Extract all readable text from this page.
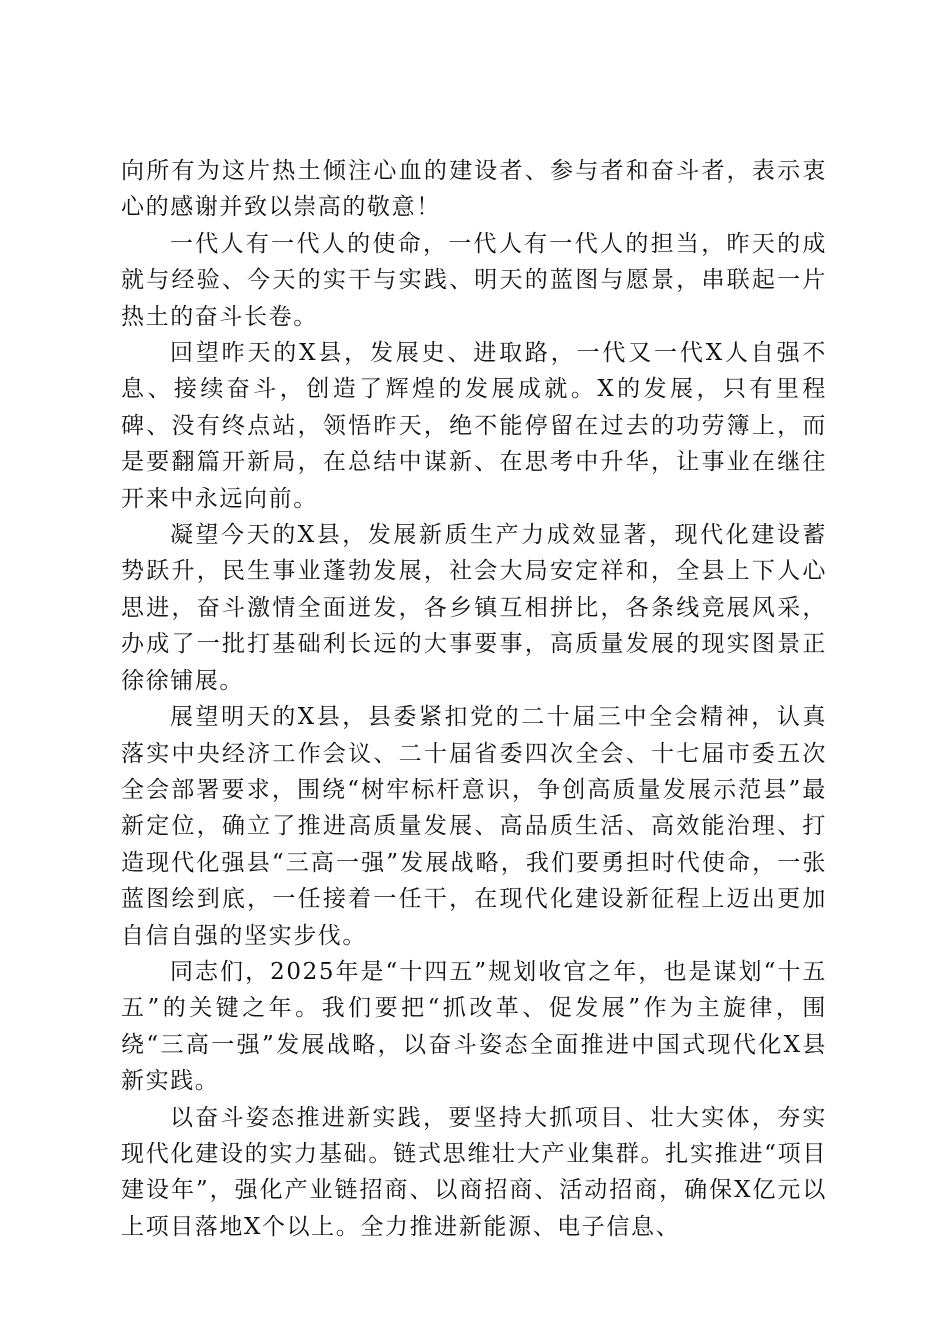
向所有为这片热土倾注心血的建设者、参与者和奋斗者，表示衷心的感谢并致以崇高的敬意！

一代人有一代人的使命，一代人有一代人的担当，昨天的成就与经验、今天的实干与实践、明天的蓝图与愿景，串联起一片热土的奋斗长卷。

回望昨天的X县，发展史、进取路，一代又一代X人自强不息、接续奋斗，创造了辉煌的发展成就。X的发展，只有里程碑、没有终点站，领悟昨天，绝不能停留在过去的功劳簿上，而是要翻篇开新局，在总结中谋新、在思考中升华，让事业在继往开来中永远向前。

凝望今天的X县，发展新质生产力成效显著，现代化建设蓄势跃升，民生事业蓬勃发展，社会大局安定祥和，全县上下人心思进，奋斗激情全面迸发，各乡镇互相拼比，各条线竞展风采，办成了一批打基础利长远的大事要事，高质量发展的现实图景正徐徐铺展。

展望明天的X县，县委紧扣党的二十届三中全会精神，认真落实中央经济工作会议、二十届省委四次全会、十七届市委五次全会部署要求，围绕“树牢标杆意识，争创高质量发展示范县”最新定位，确立了推进高质量发展、高品质生活、高效能治理、打造现代化强县“三高一强”发展战略，我们要勇担时代使命，一张蓝图绘到底，一任接着一任干，在现代化建设新征程上迈出更加自信自强的坚实步伐。

同志们，2025年是“十四五”规划收官之年，也是谋划“十五五”的关键之年。我们要把“抓改革、促发展”作为主旋律，围绕“三高一强”发展战略，以奋斗姿态全面推进中国式现代化X县新实践。

以奋斗姿态推进新实践，要坚持大抓项目、壮大实体，夯实现代化建设的实力基础。链式思维壮大产业集群。扎实推进“项目建设年”，强化产业链招商、以商招商、活动招商，确保X亿元以上项目落地X个以上。全力推进新能源、电子信息、
